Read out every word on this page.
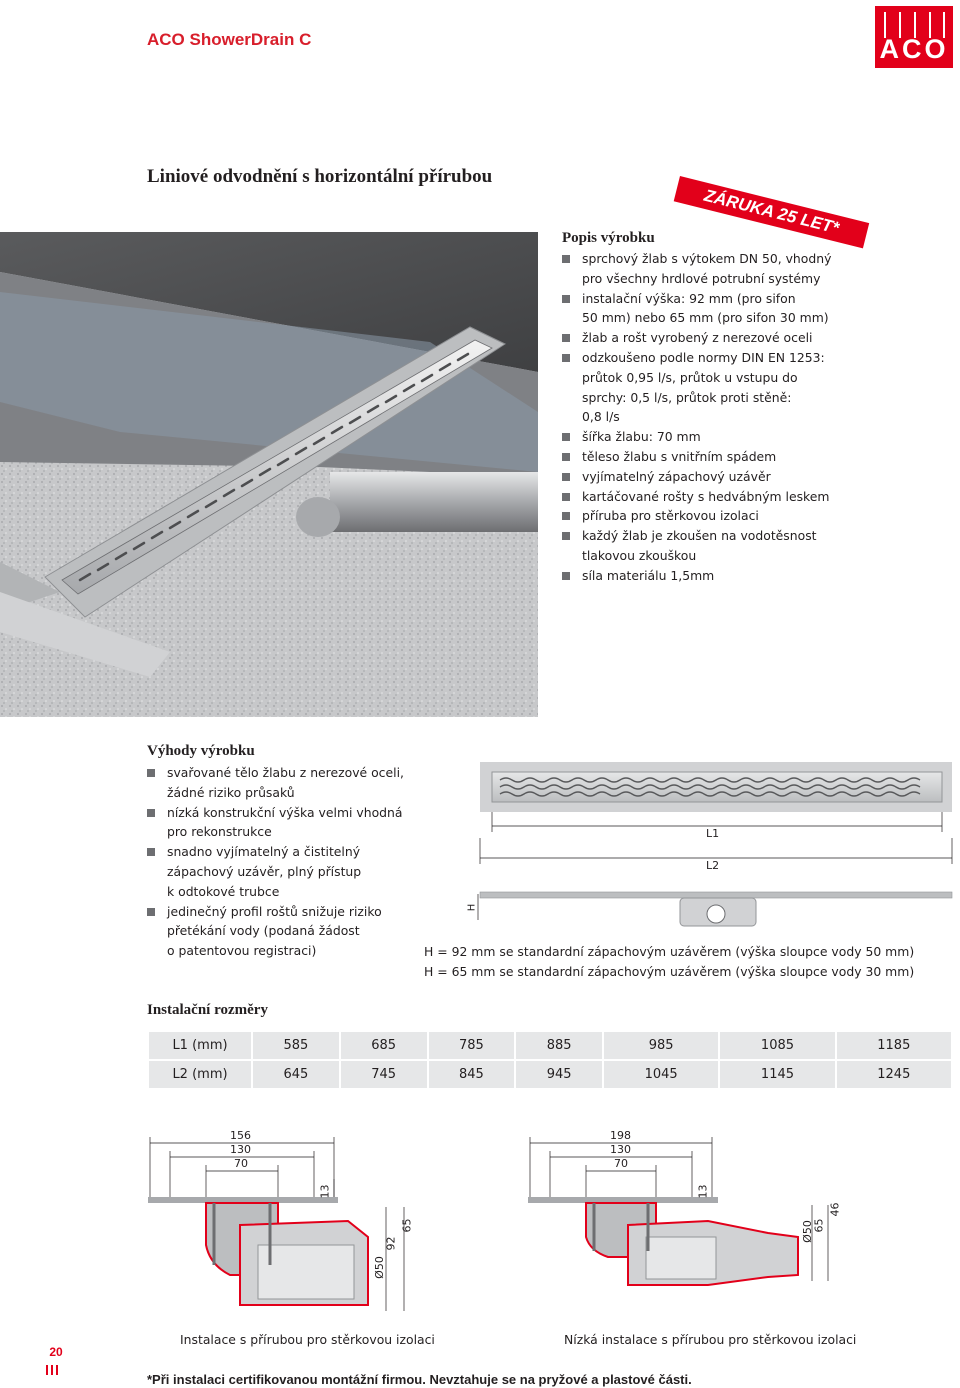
ACO ShowerDrain C	ACO
Liniové odvodnění s horizontální přírubou
ZÁRUKA 25 LET*
Popis výrobku
sprchový žlab s výtokem DN 50, vhodný
pro všechny hrdlové potrubní systémy
instalační výška: 92 mm (pro sifon
50 mm) nebo 65 mm (pro sifon 30 mm)
žlab a rošt vyrobený z nerezové oceli
odzkoušeno podle normy DIN EN 1253:
průtok 0,95 l/s, průtok u vstupu do
sprchy: 0,5 l/s, průtok proti stěně:
0,8 l/s
šířka žlabu: 70 mm
těleso žlabu s vnitřním spádem
vyjímatelný zápachový uzávěr
kartáčované rošty s hedvábným leskem
příruba pro stěrkovou izolaci
každý žlab je zkoušen na vodotěsnost
tlakovou zkouškou
síla materiálu 1,5mm
Výhody výrobku
svařované tělo žlabu z nerezové oceli,
žádné riziko průsaků
nízká konstrukční výška velmi vhodná
pro rekonstrukce
snadno vyjímatelný a čistitelný
zápachový uzávěr, plný přístup
k odtokové trubce
jedinečný profil roštů snižuje riziko
přetékání vody (podaná žádost
o patentovou registraci)
L1
L2
H
H = 92 mm se standardní zápachovým uzávěrem (výška sloupce vody 50 mm)
H = 65 mm se standardní zápachovým uzávěrem (výška sloupce vody 30 mm)
Instalační rozměry
L1 (mm)	585	685	785	885	985	1085	1185
L2 (mm)	645	745	845	945	1045	1145	1245
156
130
70
13
Ø50
92
65
198
130
70
13
Ø50
65
46
Instalace s přírubou pro stěrkovou izolaci	Nízká instalace s přírubou pro stěrkovou izolaci
20
*Při instalaci certifikovanou montážní firmou. Nevztahuje se na pryžové a plastové části.
